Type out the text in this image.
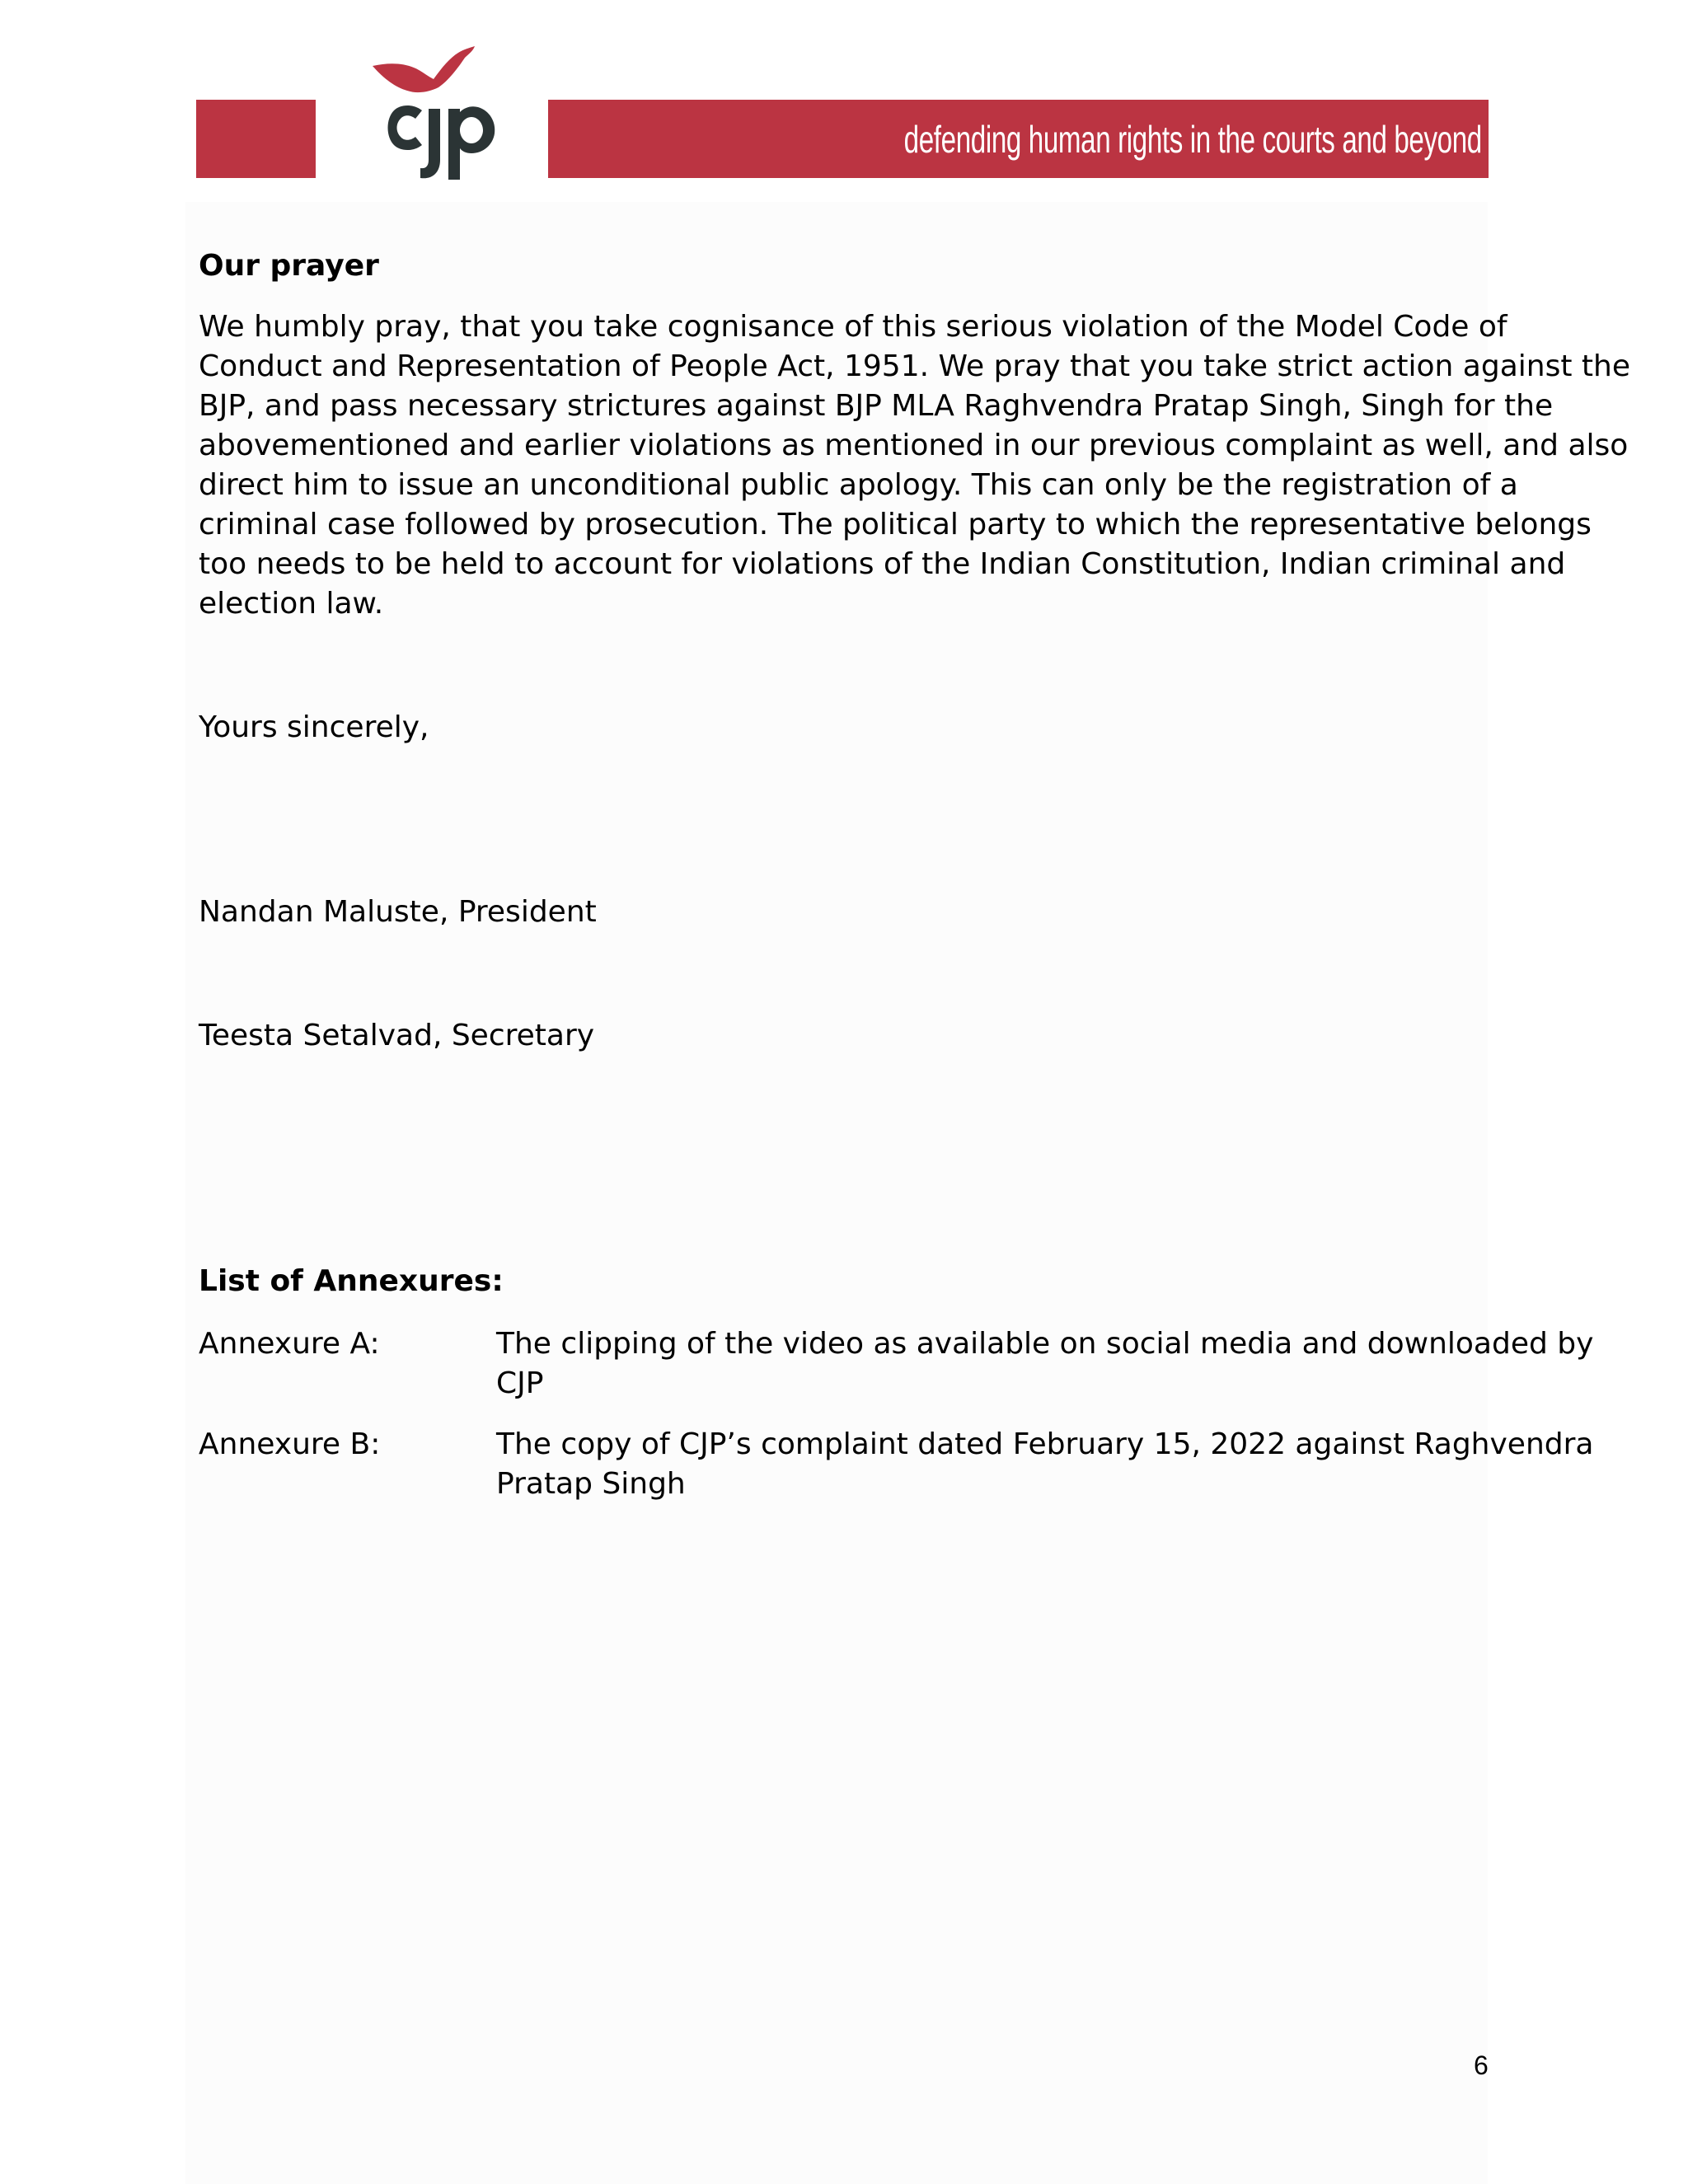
defending human rights in the courts and beyond
Our prayer
We humbly pray, that you take cognisance of this serious violation of the Model Code of
Conduct and Representation of People Act, 1951. We pray that you take strict action against the
BJP, and pass necessary strictures against BJP MLA Raghvendra Pratap Singh, Singh for the
abovementioned and earlier violations as mentioned in our previous complaint as well, and also
direct him to issue an unconditional public apology. This can only be the registration of a
criminal case followed by prosecution. The political party to which the representative belongs
too needs to be held to account for violations of the Indian Constitution, Indian criminal and
election law.
Yours sincerely,
Nandan Maluste, President
Teesta Setalvad, Secretary
List of Annexures:
Annexure A:	The clipping of the video as available on social media and downloaded by
CJP
Annexure B:	The copy of CJP’s complaint dated February 15, 2022 against Raghvendra
Pratap Singh
6
